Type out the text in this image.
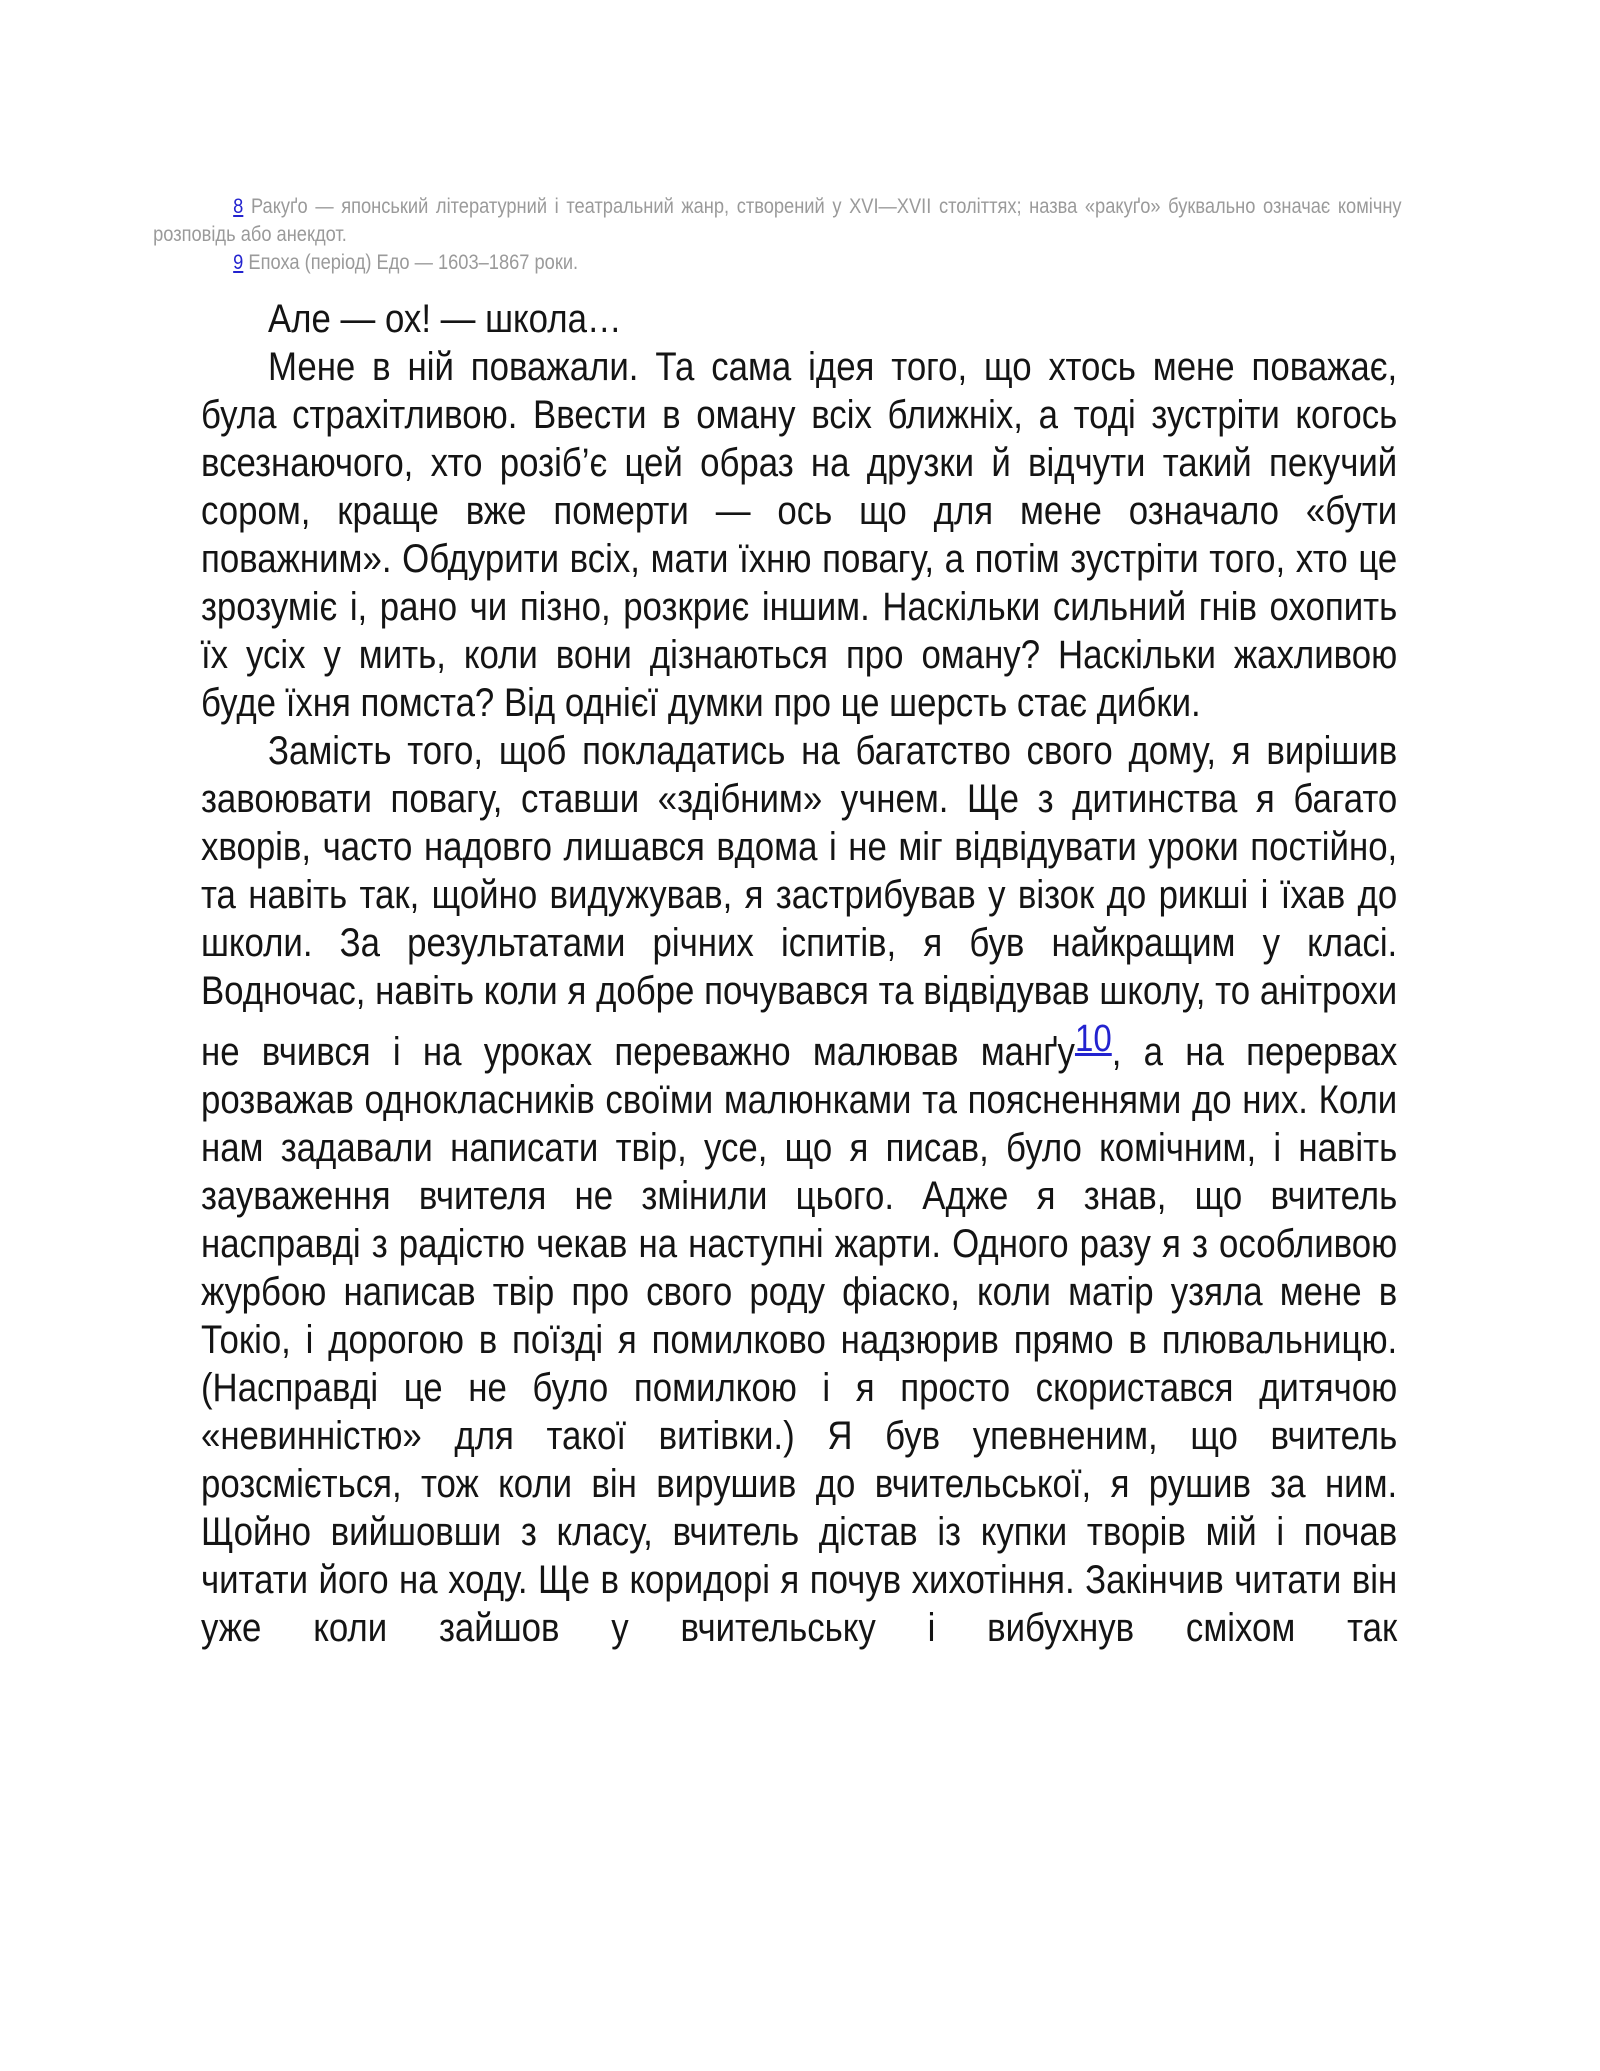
8 Ракуґо — японський літературний і театральний жанр, створений у XVI—XVII століттях; назва «ракуґо» буквально означає комічну розповідь або анекдот.

9 Епоха (період) Едо — 1603–1867 роки.

Але — ох! — школа…

Мене в ній поважали. Та сама ідея того, що хтось мене поважає, була страхітливою. Ввести в оману всіх ближніх, а тоді зустріти когось всезнаючого, хто розіб’є цей образ на друзки й відчути такий пекучий сором, краще вже померти — ось що для мене означало «бути поважним». Обдурити всіх, мати їхню повагу, а потім зустріти того, хто це зрозуміє і, рано чи пізно, розкриє іншим. Наскільки сильний гнів охопить їх усіх у мить, коли вони дізнаються про оману? Наскільки жахливою буде їхня помста? Від однієї думки про це шерсть стає дибки.

Замість того, щоб покладатись на багатство свого дому, я вирішив завоювати повагу, ставши «здібним» учнем. Ще з дитинства я багато хворів, часто надовго лишався вдома і не міг відвідувати уроки постійно, та навіть так, щойно видужував, я застрибував у візок до рикші і їхав до школи. За результатами річних іспитів, я був найкращим у класі. Водночас, навіть коли я добре почувався та відвідував школу, то анітрохи не вчився і на уроках переважно малював манґу10, а на перервах розважав однокласників своїми малюнками та поясненнями до них. Коли нам задавали написати твір, усе, що я писав, було комічним, і навіть зауваження вчителя не змінили цього. Адже я знав, що вчитель насправді з радістю чекав на наступні жарти. Одного разу я з особливою журбою написав твір про свого роду фіаско, коли матір узяла мене в Токіо, і дорогою в поїзді я помилково надзюрив прямо в плювальницю. (Насправді це не було помилкою і я просто скористався дитячою «невинністю» для такої витівки.) Я був упевненим, що вчитель розсміється, тож коли він вирушив до вчительської, я рушив за ним. Щойно вийшовши з класу, вчитель дістав із купки творів мій і почав читати його на ходу. Ще в коридорі я почув хихотіння. Закінчив читати він уже коли зайшов у вчительську і вибухнув сміхом так
